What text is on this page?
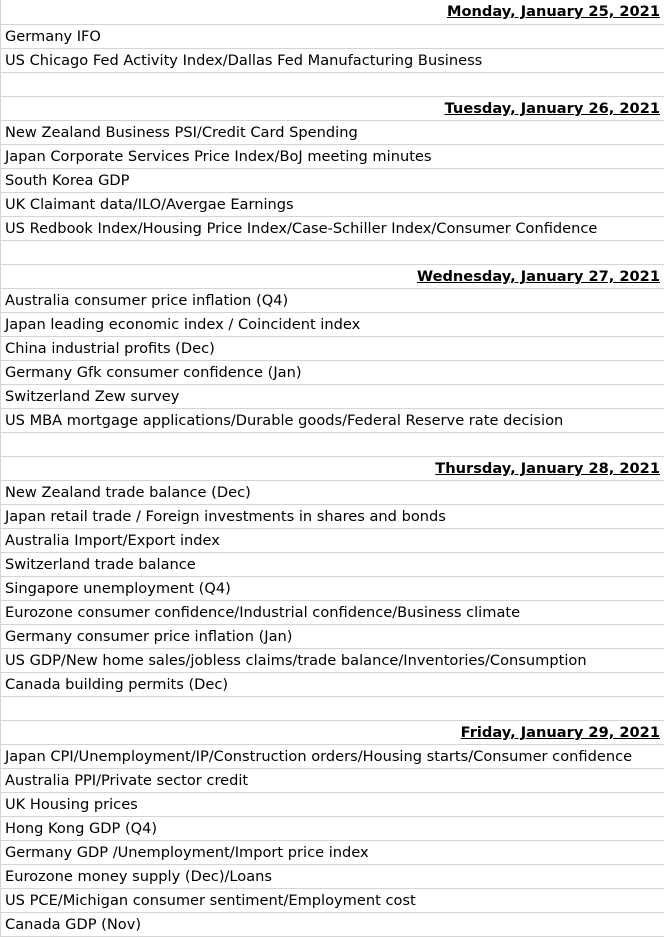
Monday, January 25, 2021
Germany IFO
US Chicago Fed Activity Index/Dallas Fed Manufacturing Business
Tuesday, January 26, 2021
New Zealand Business PSI/Credit Card Spending
Japan Corporate Services Price Index/BoJ meeting minutes
South Korea GDP
UK Claimant data/ILO/Avergae Earnings
US Redbook Index/Housing Price Index/Case-Schiller Index/Consumer Confidence
Wednesday, January 27, 2021
Australia consumer price inflation (Q4)
Japan leading economic index / Coincident index
China industrial profits (Dec)
Germany Gfk consumer confidence (Jan)
Switzerland Zew survey
US MBA mortgage applications/Durable goods/Federal Reserve rate decision
Thursday, January 28, 2021
New Zealand trade balance (Dec)
Japan retail trade / Foreign investments in shares and bonds
Australia Import/Export index
Switzerland trade balance
Singapore unemployment (Q4)
Eurozone consumer confidence/Industrial confidence/Business climate
Germany consumer price inflation (Jan)
US GDP/New home sales/jobless claims/trade balance/Inventories/Consumption
Canada building permits (Dec)
Friday, January 29, 2021
Japan CPI/Unemployment/IP/Construction orders/Housing starts/Consumer confidence
Australia PPI/Private sector credit
UK Housing prices
Hong Kong GDP (Q4)
Germany GDP /Unemployment/Import price index
Eurozone money supply (Dec)/Loans
US PCE/Michigan consumer sentiment/Employment cost
Canada GDP (Nov)
